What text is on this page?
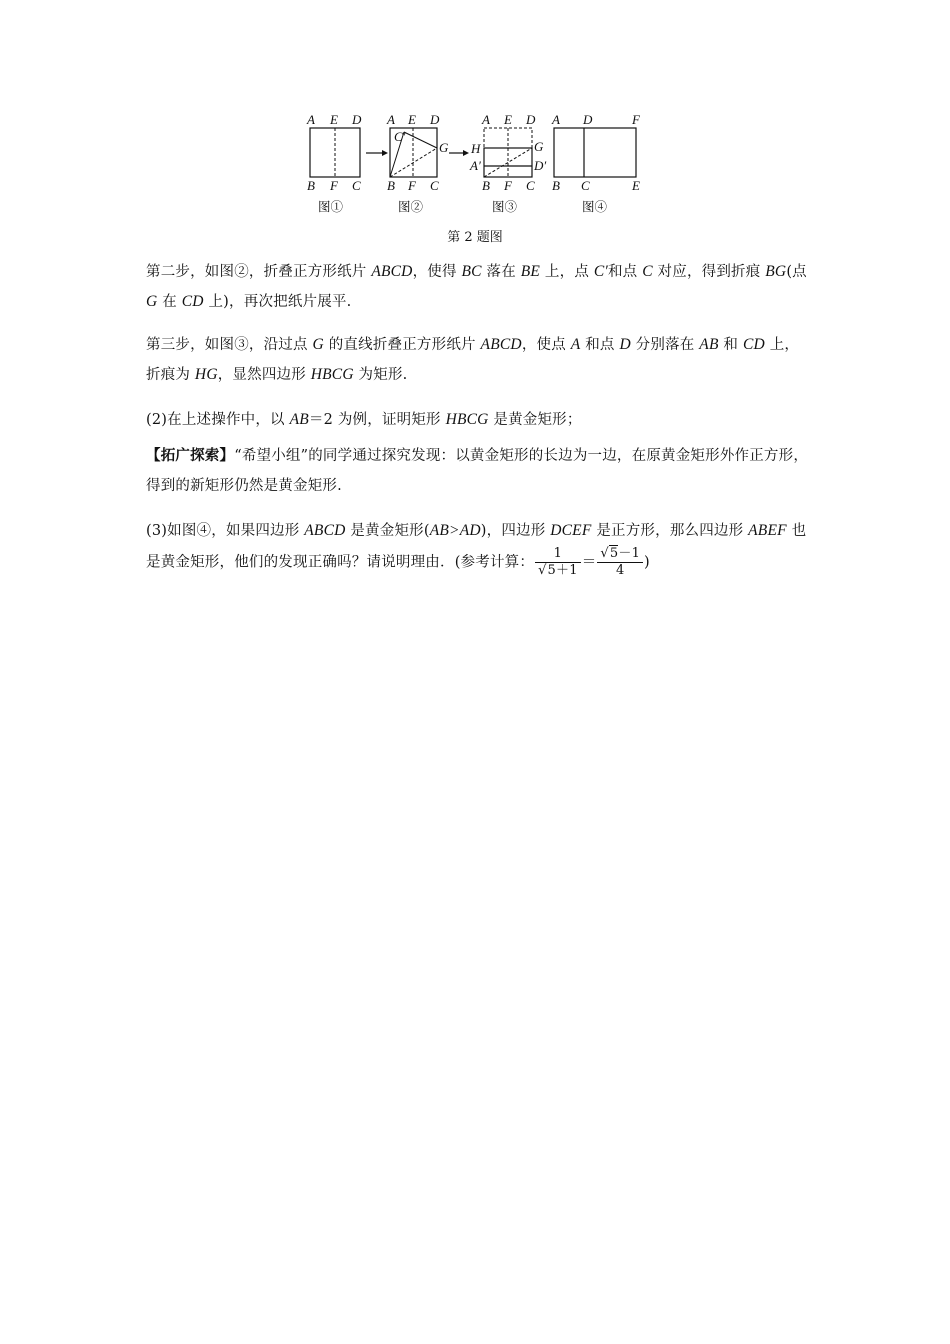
A E D
B F C
图①
A E D
C′
G
B F C
图②
A E D
H
A′
G
D′
B F C
图③
A D	F
B C	E
图④
第 2 题图
第二步，如图②，折叠正方形纸片 ABCD，使得 BC 落在 BE 上，点 C′和点 C 对应，得到折痕 BG(点 G 在 CD 上)，再次把纸片展平.
第三步，如图③，沿过点 G 的直线折叠正方形纸片 ABCD，使点 A 和点 D 分别落在 AB 和 CD 上，折痕为 HG，显然四边形 HBCG 为矩形.
(2)在上述操作中，以 AB＝2 为例，证明矩形 HBCG 是黄金矩形；
【拓广探索】“希望小组”的同学通过探究发现：以黄金矩形的长边为一边，在原黄金矩形外作正方形，得到的新矩形仍然是黄金矩形.
(3)如图④，如果四边形 ABCD 是黄金矩形(AB>AD)，四边形 DCEF 是正方形，那么四边形 ABEF 也是黄金矩形，他们的发现正确吗？请说明理由．(参考计算： $\frac{1}{√5+1} = \frac{√5-1}{4}$ )
